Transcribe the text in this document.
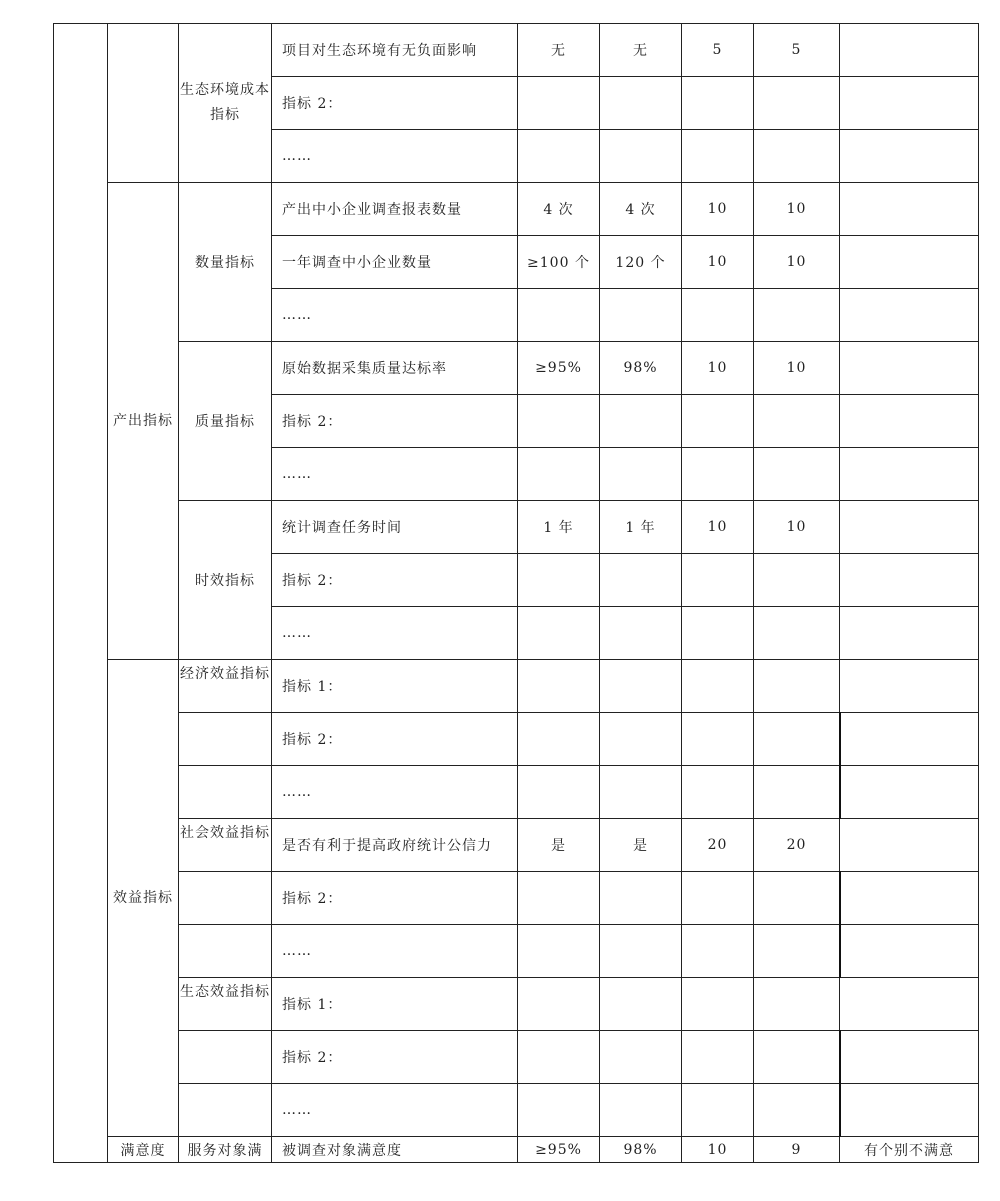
		生态环境成本指标	项目对生态环境有无负面影响	无	无	5	5	
			指标 2：					
			……					
	产出指标	数量指标	产出中小企业调查报表数量	4 次	4 次	10	10	
			一年调查中小企业数量	≥100 个	120 个	10	10	
			……					
		质量指标	原始数据采集质量达标率	≥95%	98%	10	10	
			指标 2：					
			……					
		时效指标	统计调查任务时间	1 年	1 年	10	10	
			指标 2：					
			……					
	效益指标	经济效益指标	指标 1：					
			指标 2：					
			……					
		社会效益指标	是否有利于提高政府统计公信力	是	是	20	20	
			指标 2：					
			……					
		生态效益指标	指标 1：					
			指标 2：					
			……					
	满意度	服务对象满	被调查对象满意度	≥95%	98%	10	9	有个别不满意
